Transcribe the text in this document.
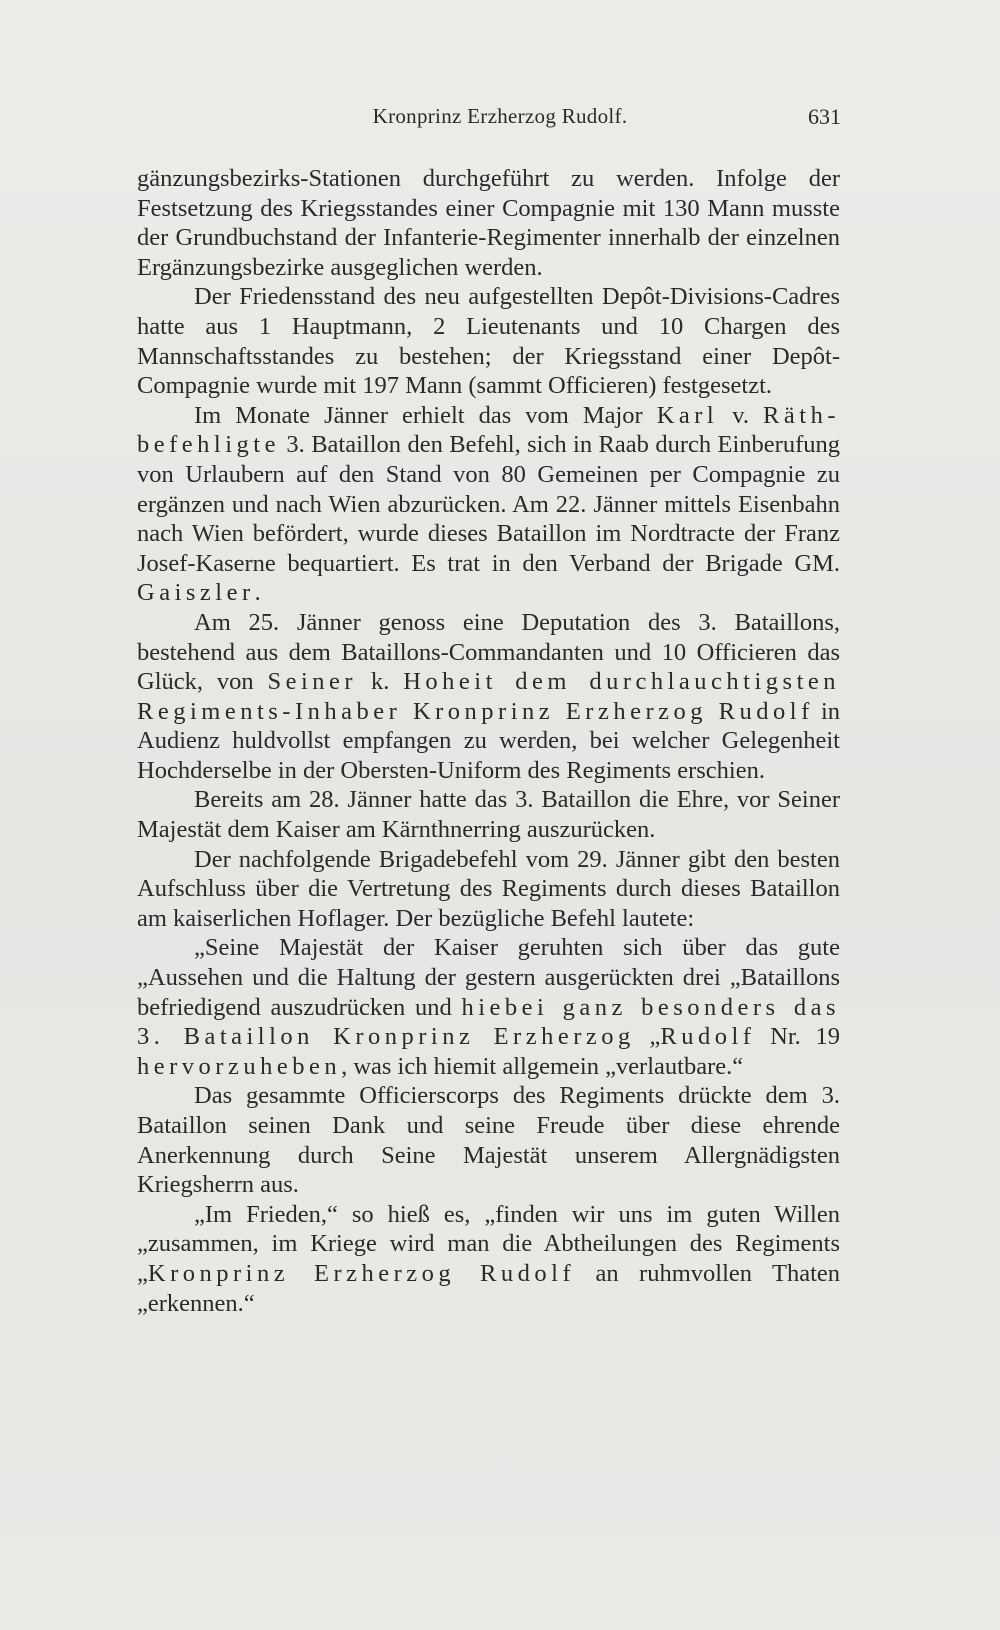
Kronprinz Erzherzog Rudolf.	631

gänzungsbezirks-Stationen durchgeführt zu werden. Infolge der Festsetzung des Kriegsstandes einer Compagnie mit 130 Mann musste der Grundbuchstand der Infanterie-Regimenter innerhalb der einzelnen Ergänzungsbezirke ausgeglichen werden.

Der Friedensstand des neu aufgestellten Depôt-Divisions-Cadres hatte aus 1 Hauptmann, 2 Lieutenants und 10 Chargen des Mannschaftsstandes zu bestehen; der Kriegsstand einer Depôt-Compagnie wurde mit 197 Mann (sammt Officieren) festgesetzt.

Im Monate Jänner erhielt das vom Major Karl v. Räth-befehligte 3. Bataillon den Befehl, sich in Raab durch Einberufung von Urlaubern auf den Stand von 80 Gemeinen per Compagnie zu ergänzen und nach Wien abzurücken. Am 22. Jänner mittels Eisenbahn nach Wien befördert, wurde dieses Bataillon im Nordtracte der Franz Josef-Kaserne bequartiert. Es trat in den Verband der Brigade GM. Gaiszler.

Am 25. Jänner genoss eine Deputation des 3. Bataillons, bestehend aus dem Bataillons-Commandanten und 10 Officieren das Glück, von Seiner k. Hoheit dem durchlauchtigsten Regiments-Inhaber Kronprinz Erzherzog Rudolf in Audienz huldvollst empfangen zu werden, bei welcher Gelegenheit Hochderselbe in der Obersten-Uniform des Regiments erschien.

Bereits am 28. Jänner hatte das 3. Bataillon die Ehre, vor Seiner Majestät dem Kaiser am Kärnthnerring auszurücken.

Der nachfolgende Brigadebefehl vom 29. Jänner gibt den besten Aufschluss über die Vertretung des Regiments durch dieses Bataillon am kaiserlichen Hoflager. Der bezügliche Befehl lautete:

„Seine Majestät der Kaiser geruhten sich über das gute „Aussehen und die Haltung der gestern ausgerückten drei „Bataillons befriedigend auszudrücken und hiebei ganz besonders das 3. Bataillon Kronprinz Erzherzog „Rudolf Nr. 19 hervorzuheben, was ich hiemit allgemein „verlautbare.“

Das gesammte Officierscorps des Regiments drückte dem 3. Bataillon seinen Dank und seine Freude über diese ehrende Anerkennung durch Seine Majestät unserem Allergnädigsten Kriegsherrn aus.

„Im Frieden,“ so hieß es, „finden wir uns im guten Willen „zusammen, im Kriege wird man die Abtheilungen des Regiments „Kronprinz Erzherzog Rudolf an ruhmvollen Thaten „erkennen.“
